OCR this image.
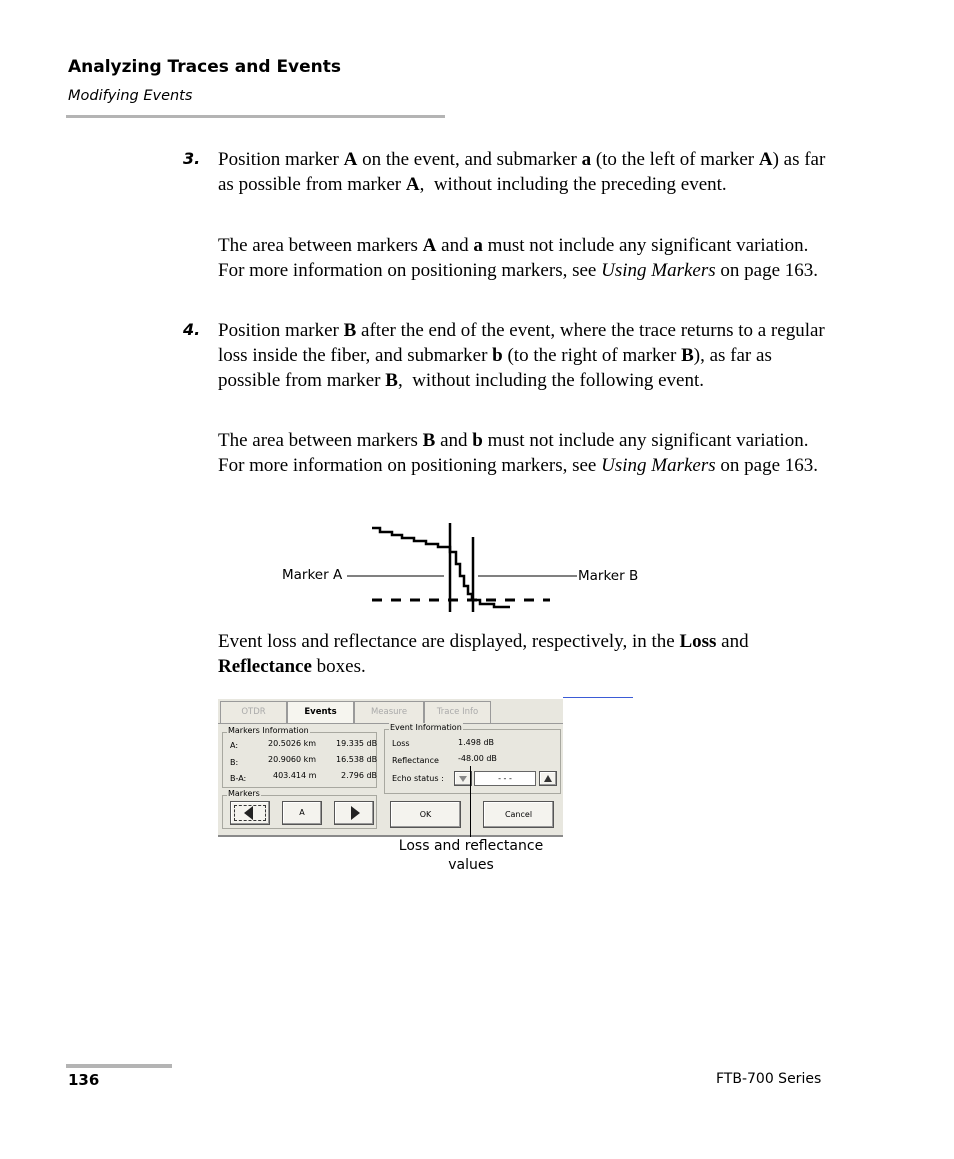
Analyzing Traces and Events
Modifying Events
3. Position marker A on the event, and submarker a (to the left of marker A) as far as possible from marker A,  without including the preceding event.
The area between markers A and a must not include any significant variation. For more information on positioning markers, see Using Markers on page 163.
4. Position marker B after the end of the event, where the trace returns to a regular loss inside the fiber, and submarker b (to the right of marker B), as far as possible from marker B,  without including the following event.
The area between markers B and b must not include any significant variation. For more information on positioning markers, see Using Markers on page 163.
Marker A	Marker B
Event loss and reflectance are displayed, respectively, in the Loss and Reflectance boxes.
OTDR	Events	Measure	Trace Info
Markers Information
A:	20.5026 km 19.335 dB
B:	20.9060 km 16.538 dB
B-A:	403.414 m	2.796 dB
Markers
A
Event Information
Loss	1.498 dB
Reflectance -48.00 dB
Echo status :	- - -
OK	Cancel
Loss and reflectance values
136	FTB-700 Series
